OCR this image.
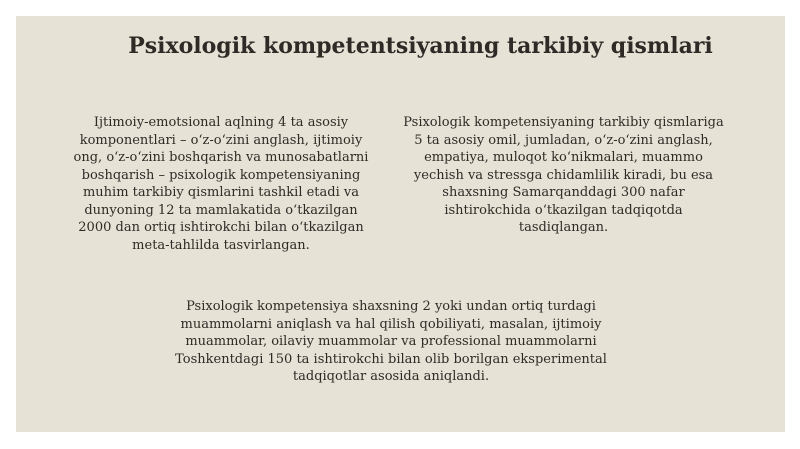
Psixologik kompetentsiyaning tarkibiy qismlari

Ijtimoiy-emotsional aqlning 4 ta asosiy
komponentlari – o‘z-o‘zini anglash, ijtimoiy
ong, o‘z-o‘zini boshqarish va munosabatlarni
boshqarish – psixologik kompetensiyaning
muhim tarkibiy qismlarini tashkil etadi va
dunyoning 12 ta mamlakatida o‘tkazilgan
2000 dan ortiq ishtirokchi bilan o‘tkazilgan
meta-tahlilda tasvirlangan.

Psixologik kompetensiyaning tarkibiy qismlariga
5 ta asosiy omil, jumladan, o‘z-o‘zini anglash,
empatiya, muloqot ko‘nikmalari, muammo
yechish va stressga chidamlilik kiradi, bu esa
shaxsning Samarqanddagi 300 nafar
ishtirokchida o‘tkazilgan tadqiqotda
tasdiqlangan.

Psixologik kompetensiya shaxsning 2 yoki undan ortiq turdagi
muammolarni aniqlash va hal qilish qobiliyati, masalan, ijtimoiy
muammolar, oilaviy muammolar va professional muammolarni
Toshkentdagi 150 ta ishtirokchi bilan olib borilgan eksperimental
tadqiqotlar asosida aniqlandi.
